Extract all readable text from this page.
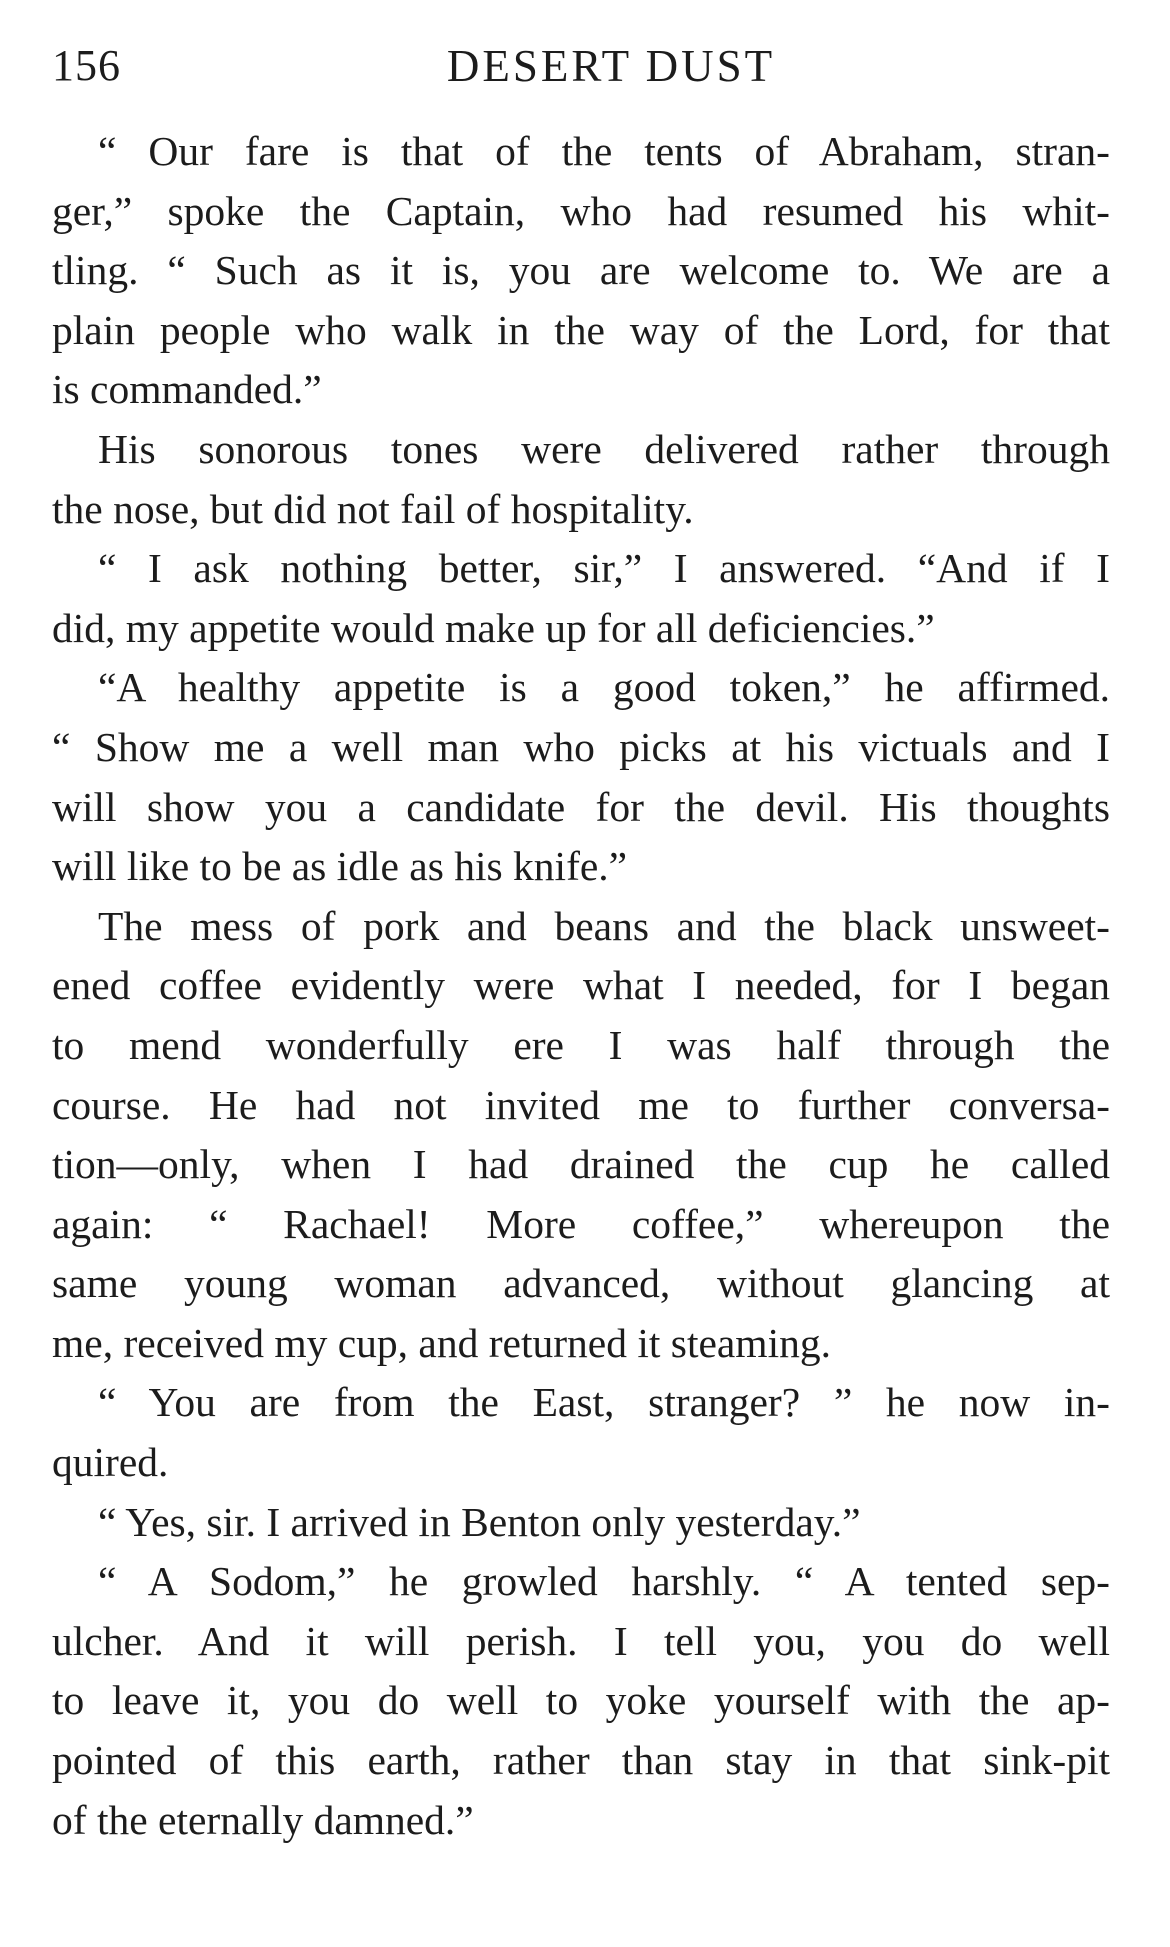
156	DESERT DUST
“ Our fare is that of the tents of Abraham, stran-
ger,” spoke the Captain, who had resumed his whit-
tling. “ Such as it is, you are welcome to. We are a
plain people who walk in the way of the Lord, for that
is commanded.”
His sonorous tones were delivered rather through
the nose, but did not fail of hospitality.
“ I ask nothing better, sir,” I answered. “And if I
did, my appetite would make up for all deficiencies.”
“A healthy appetite is a good token,” he affirmed.
“ Show me a well man who picks at his victuals and I
will show you a candidate for the devil. His thoughts
will like to be as idle as his knife.”
The mess of pork and beans and the black unsweet-
ened coffee evidently were what I needed, for I began
to mend wonderfully ere I was half through the
course. He had not invited me to further conversa-
tion—only, when I had drained the cup he called
again: “ Rachael! More coffee,” whereupon the
same young woman advanced, without glancing at
me, received my cup, and returned it steaming.
“ You are from the East, stranger? ” he now in-
quired.
“ Yes, sir. I arrived in Benton only yesterday.”
“ A Sodom,” he growled harshly. “ A tented sep-
ulcher. And it will perish. I tell you, you do well
to leave it, you do well to yoke yourself with the ap-
pointed of this earth, rather than stay in that sink-pit
of the eternally damned.”
